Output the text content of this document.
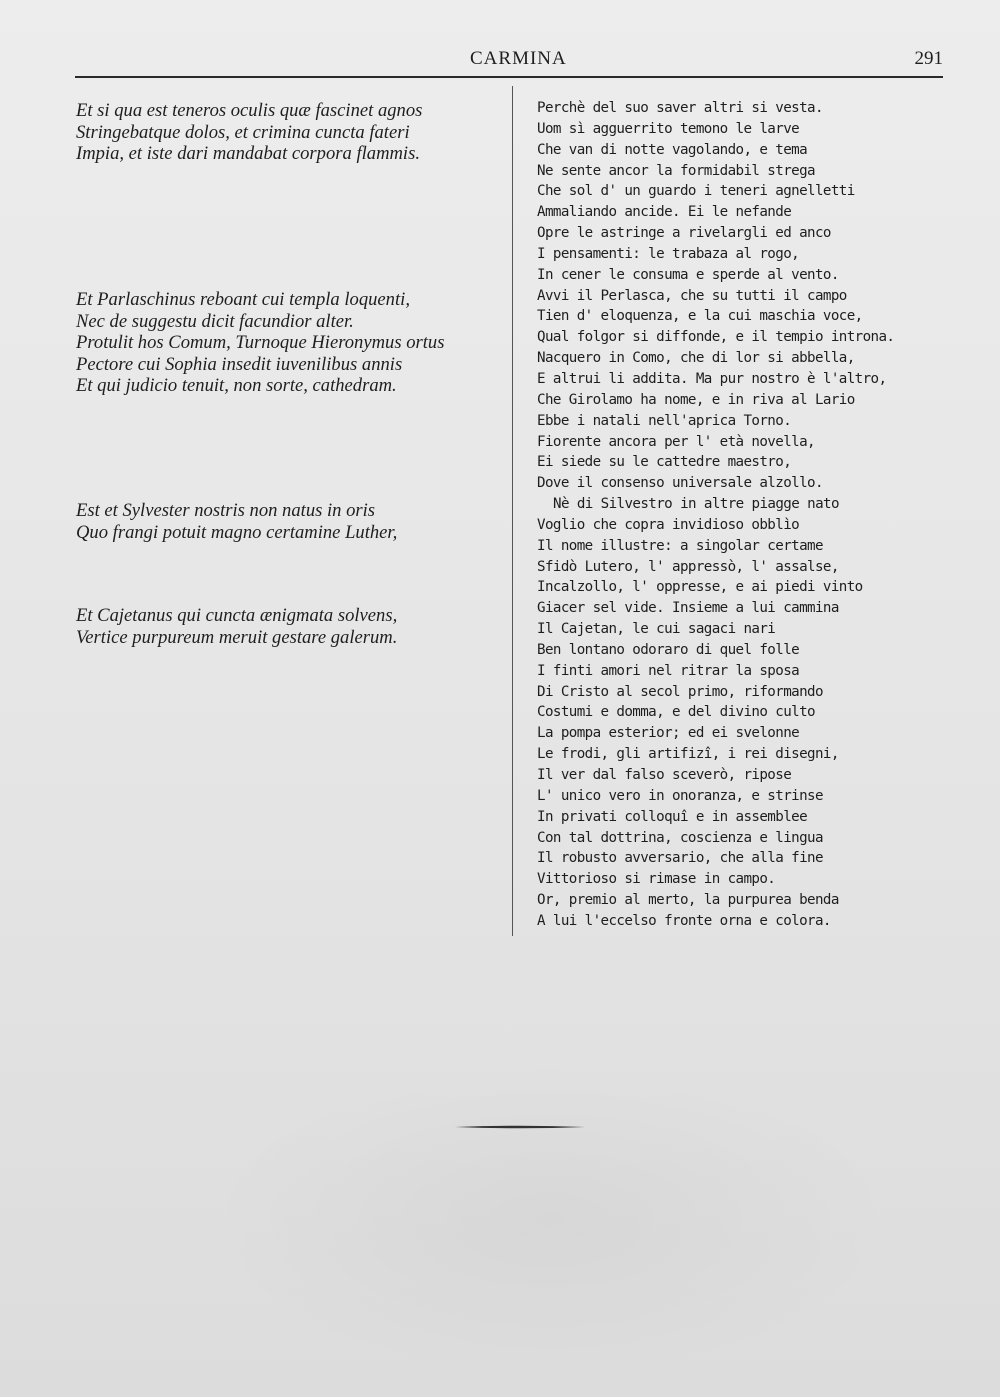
CARMINA	291
Et si qua est teneros oculis quæ fascinet agnos
Stringebatque dolos, et crimina cuncta fateri
Impia, et iste dari mandabat corpora flammis.
Et Parlaschinus reboant cui templa loquenti,
Nec de suggestu dicit facundior alter.
Protulit hos Comum, Turnoque Hieronymus ortus
Pectore cui Sophia insedit iuvenilibus annis
Et qui judicio tenuit, non sorte, cathedram.
Est et Sylvester nostris non natus in oris
Quo frangi potuit magno certamine Luther,
Et Cajetanus qui cuncta ænigmata solvens,
Vertice purpureum meruit gestare galerum.
Perchè del suo saver altri si vesta.
Uom sì agguerrito temono le larve
Che van di notte vagolando, e tema
Ne sente ancor la formidabil strega
Che sol d' un guardo i teneri agnelletti
Ammaliando ancide. Ei le nefande
Opre le astringe a rivelargli ed anco
I pensamenti: le trabaza al rogo,
In cener le consuma e sperde al vento.
Avvi il Perlasca, che su tutti il campo
Tien d' eloquenza, e la cui maschia voce,
Qual folgor si diffonde, e il tempio introna.
Nacquero in Como, che di lor si abbella,
E altrui li addita. Ma pur nostro è l'altro,
Che Girolamo ha nome, e in riva al Lario
Ebbe i natali nell'aprica Torno.
Fiorente ancora per l' età novella,
Ei siede su le cattedre maestro,
Dove il consenso universale alzollo.
Nè di Silvestro in altre piagge nato
Voglio che copra invidioso obblìo
Il nome illustre: a singolar certame
Sfidò Lutero, l' appressò, l' assalse,
Incalzollo, l' oppresse, e ai piedi vinto
Giacer sel vide. Insieme a lui cammina
Il Cajetan, le cui sagaci nari
Ben lontano odoraro di quel folle
I finti amori nel ritrar la sposa
Di Cristo al secol primo, riformando
Costumi e domma, e del divino culto
La pompa esterior; ed ei svelonne
Le frodi, gli artifizî, i rei disegni,
Il ver dal falso sceverò, ripose
L' unico vero in onoranza, e strinse
In privati colloquî e in assemblee
Con tal dottrina, coscienza e lingua
Il robusto avversario, che alla fine
Vittorioso si rimase in campo.
Or, premio al merto, la purpurea benda
A lui l'eccelso fronte orna e colora.
